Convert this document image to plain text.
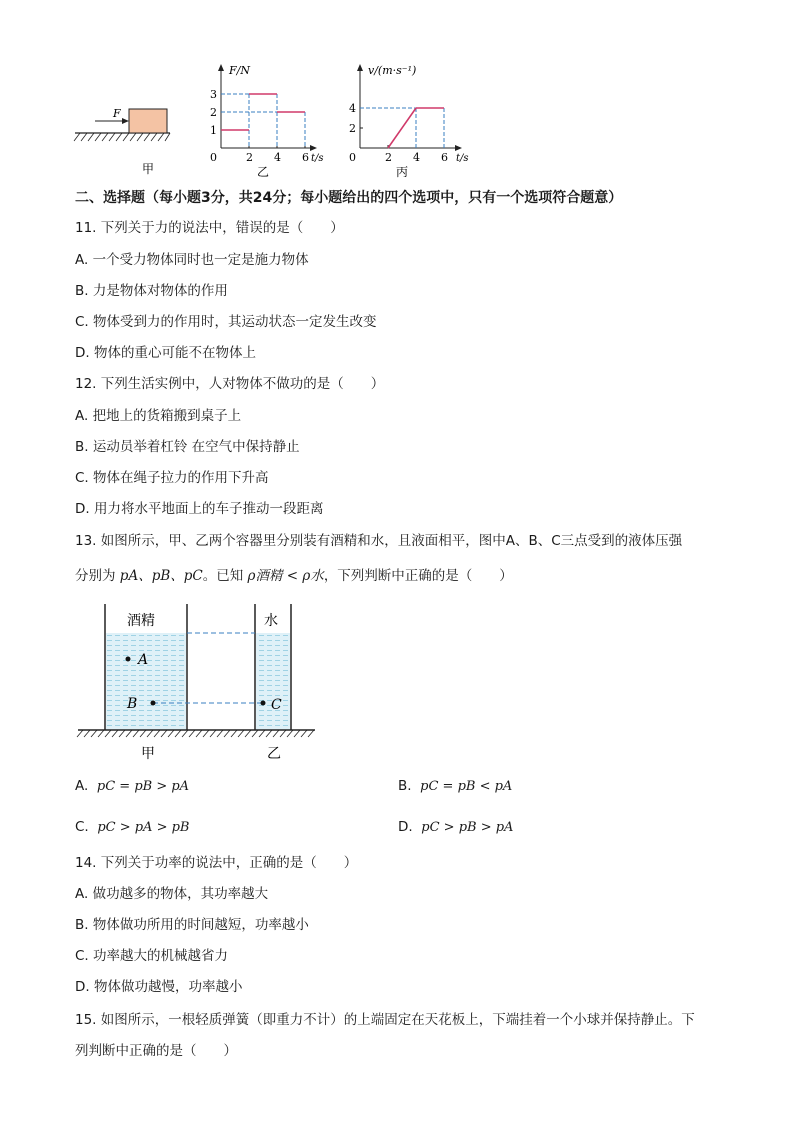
F
甲
F/N
t/s
0
1
2
3
2 4 6
乙
v/(m·s⁻¹)
t/s
0
2
4
2 4 6
丙
二、选择题（每小题3分，共24分；每小题给出的四个选项中，只有一个选项符合题意）
11. 下列关于力的说法中，错误的是（　　）
A. 一个受力物体同时也一定是施力物体
B. 力是物体对物体的作用
C. 物体受到力的作用时，其运动状态一定发生改变
D. 物体的重心可能不在物体上
12. 下列生活实例中，人对物体不做功的是（　　）
A. 把地上的货箱搬到桌子上
B. 运动员举着杠铃 在空气中保持静止
C. 物体在绳子拉力的作用下升高
D. 用力将水平地面上的车子推动一段距离
13. 如图所示，甲、乙两个容器里分别装有酒精和水，且液面相平，图中A、B、C三点受到的液体压强
分别为 pA、pB、pC。已知 ρ酒精 < ρ水，下列判断中正确的是（　　）
酒精	水
A
B	C
甲	乙
A. pC = pB > pA	B. pC = pB < pA
C. pC > pA > pB	D. pC > pB > pA
14. 下列关于功率的说法中，正确的是（　　）
A. 做功越多的物体，其功率越大
B. 物体做功所用的时间越短，功率越小
C. 功率越大的机械越省力
D. 物体做功越慢，功率越小
15. 如图所示，一根轻质弹簧（即重力不计）的上端固定在天花板上，下端挂着一个小球并保持静止。下
列判断中正确的是（　　）
